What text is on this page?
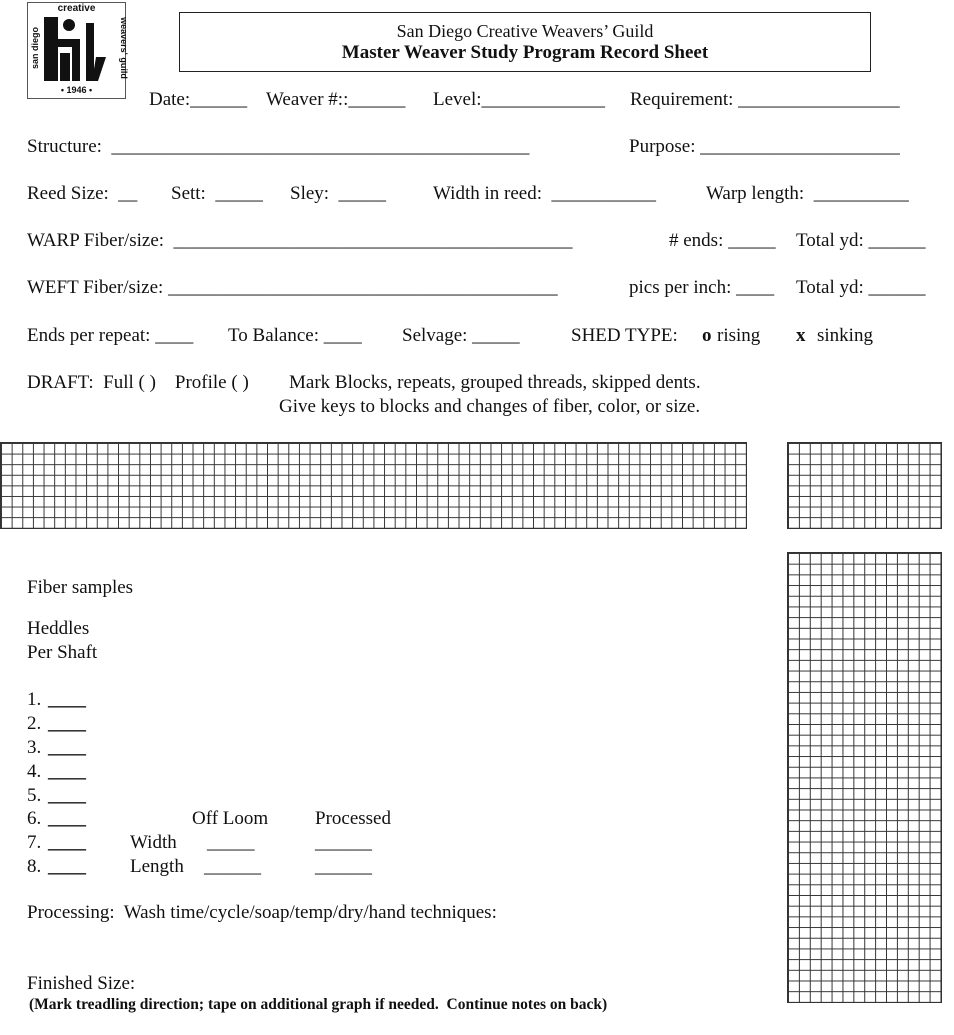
creative
san diego	weavers' guild
• 1946 •
San Diego Creative Weavers’ Guild
Master Weaver Study Program Record Sheet
Date:______ Weaver #::______ Level:_____________ Requirement: _________________
Structure:  ____________________________________________	Purpose: _____________________
Reed Size:  __ Sett:  _____ Sley:  _____ Width in reed:  ___________	Warp length:  __________
WARP Fiber/size:  __________________________________________	# ends: _____ Total yd: ______
WEFT Fiber/size: _________________________________________	pics per inch: ____ Total yd: ______
Ends per repeat: ____ To Balance: ____ Selvage: _____	SHED TYPE: o rising x sinking
DRAFT:  Full ( )    Profile ( ) Mark Blocks, repeats, grouped threads, skipped dents.
Give keys to blocks and changes of fiber, color, or size.
Fiber samples
Heddles
Per Shaft
1. ____
2. ____
3. ____
4. ____
5. ____
6. ____
7. ____
8. ____
Off Loom Processed
Width _____	______
Length ______	______
Processing:  Wash time/cycle/soap/temp/dry/hand techniques:
Finished Size:
(Mark treadling direction; tape on additional graph if needed.  Continue notes on back)
